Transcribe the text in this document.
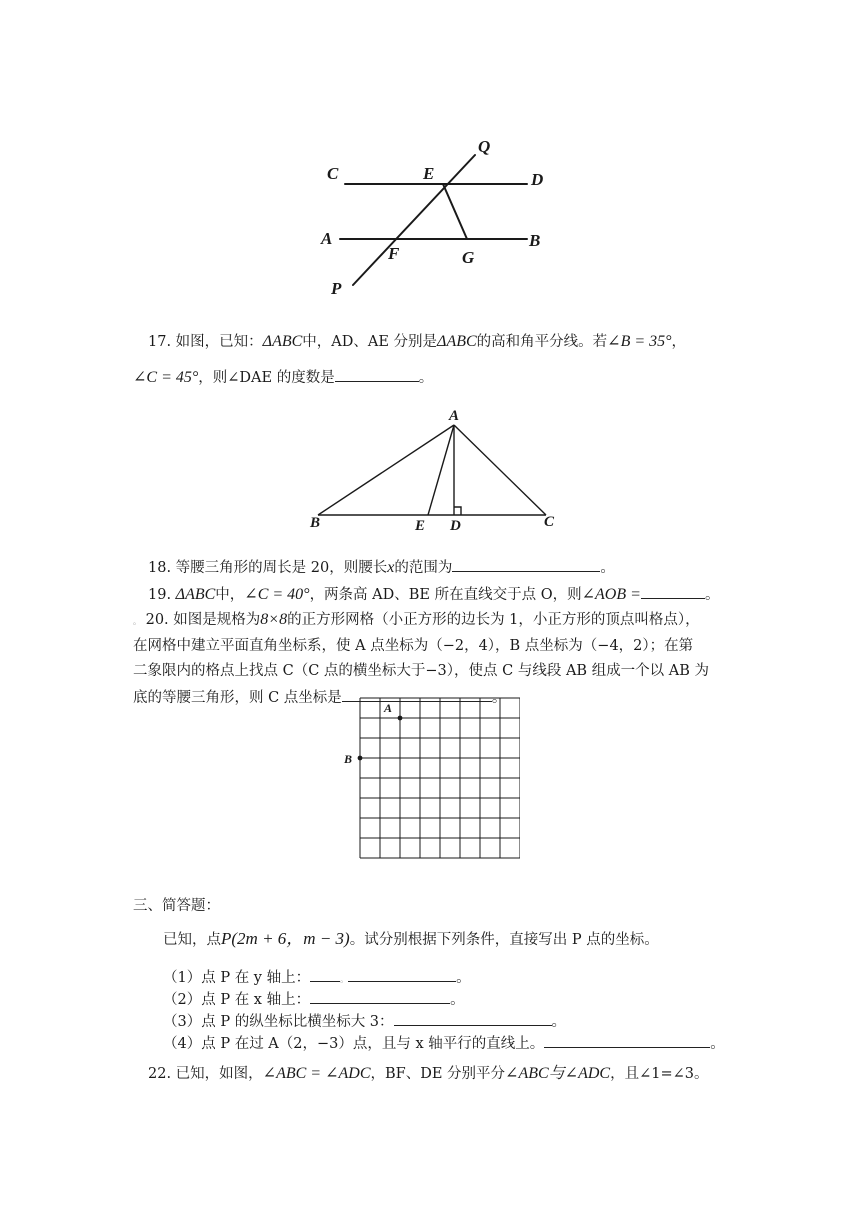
C	E
Q
D
A
F	G
B
P
17. 如图，已知：ΔABC中，AD、AE 分别是ΔABC的高和角平分线。若∠B = 35°，
∠C = 45°，则∠DAE 的度数是	。
A
B	E D	C
18. 等腰三角形的周长是 20，则腰长x的范围为	。
19. ΔABC中，∠C = 40°，两条高 AD、BE 所在直线交于点 O，则∠AOB =	。
。 20. 如图是规格为8×8的正方形网格（小正方形的边长为 1，小正方形的顶点叫格点），
在网格中建立平面直角坐标系，使 A 点坐标为（−2，4），B 点坐标为（−4，2）；在第
二象限内的格点上找点 C（C 点的横坐标大于−3），使点 C 与线段 AB 组成一个以 AB 为
底的等腰三角形，则 C 点坐标是	。
A
B
三、简答题：
已知，点P(2m + 6，m − 3)。试分别根据下列条件，直接写出 P 点的坐标。
（1）点 P 在 y 轴上：	。	。
（2）点 P 在 x 轴上：	。
（3）点 P 的纵坐标比横坐标大 3：	。
（4）点 P 在过 A（2，−3）点，且与 x 轴平行的直线上。	。
22. 已知，如图，∠ABC = ∠ADC，BF、DE 分别平分∠ABC与∠ADC，且∠1=∠3。
